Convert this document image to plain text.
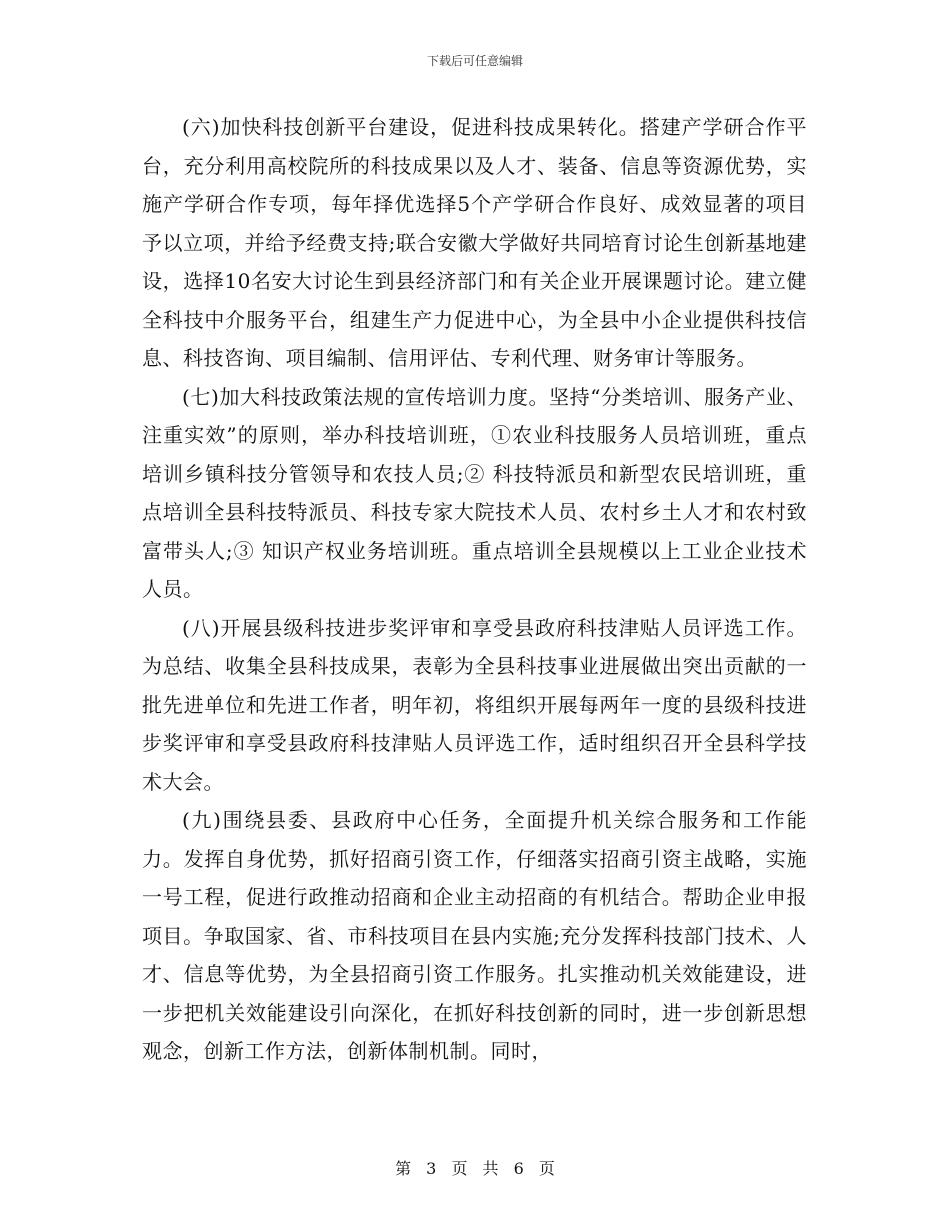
下载后可任意编辑

(六)加快科技创新平台建设，促进科技成果转化。搭建产学研合作平台，充分利用高校院所的科技成果以及人才、装备、信息等资源优势，实施产学研合作专项，每年择优选择5个产学研合作良好、成效显著的项目予以立项，并给予经费支持;联合安徽大学做好共同培育讨论生创新基地建设，选择10名安大讨论生到县经济部门和有关企业开展课题讨论。建立健全科技中介服务平台，组建生产力促进中心，为全县中小企业提供科技信息、科技咨询、项目编制、信用评估、专利代理、财务审计等服务。

(七)加大科技政策法规的宣传培训力度。坚持“分类培训、服务产业、注重实效”的原则，举办科技培训班，①农业科技服务人员培训班，重点培训乡镇科技分管领导和农技人员;② 科技特派员和新型农民培训班，重点培训全县科技特派员、科技专家大院技术人员、农村乡土人才和农村致富带头人;③ 知识产权业务培训班。重点培训全县规模以上工业企业技术人员。

(八)开展县级科技进步奖评审和享受县政府科技津贴人员评选工作。为总结、收集全县科技成果，表彰为全县科技事业进展做出突出贡献的一批先进单位和先进工作者，明年初，将组织开展每两年一度的县级科技进步奖评审和享受县政府科技津贴人员评选工作，适时组织召开全县科学技术大会。

(九)围绕县委、县政府中心任务，全面提升机关综合服务和工作能力。发挥自身优势，抓好招商引资工作，仔细落实招商引资主战略，实施一号工程，促进行政推动招商和企业主动招商的有机结合。帮助企业申报项目。争取国家、省、市科技项目在县内实施;充分发挥科技部门技术、人才、信息等优势，为全县招商引资工作服务。扎实推动机关效能建设，进一步把机关效能建设引向深化，在抓好科技创新的同时，进一步创新思想观念，创新工作方法，创新体制机制。同时，

第 3 页 共 6 页
